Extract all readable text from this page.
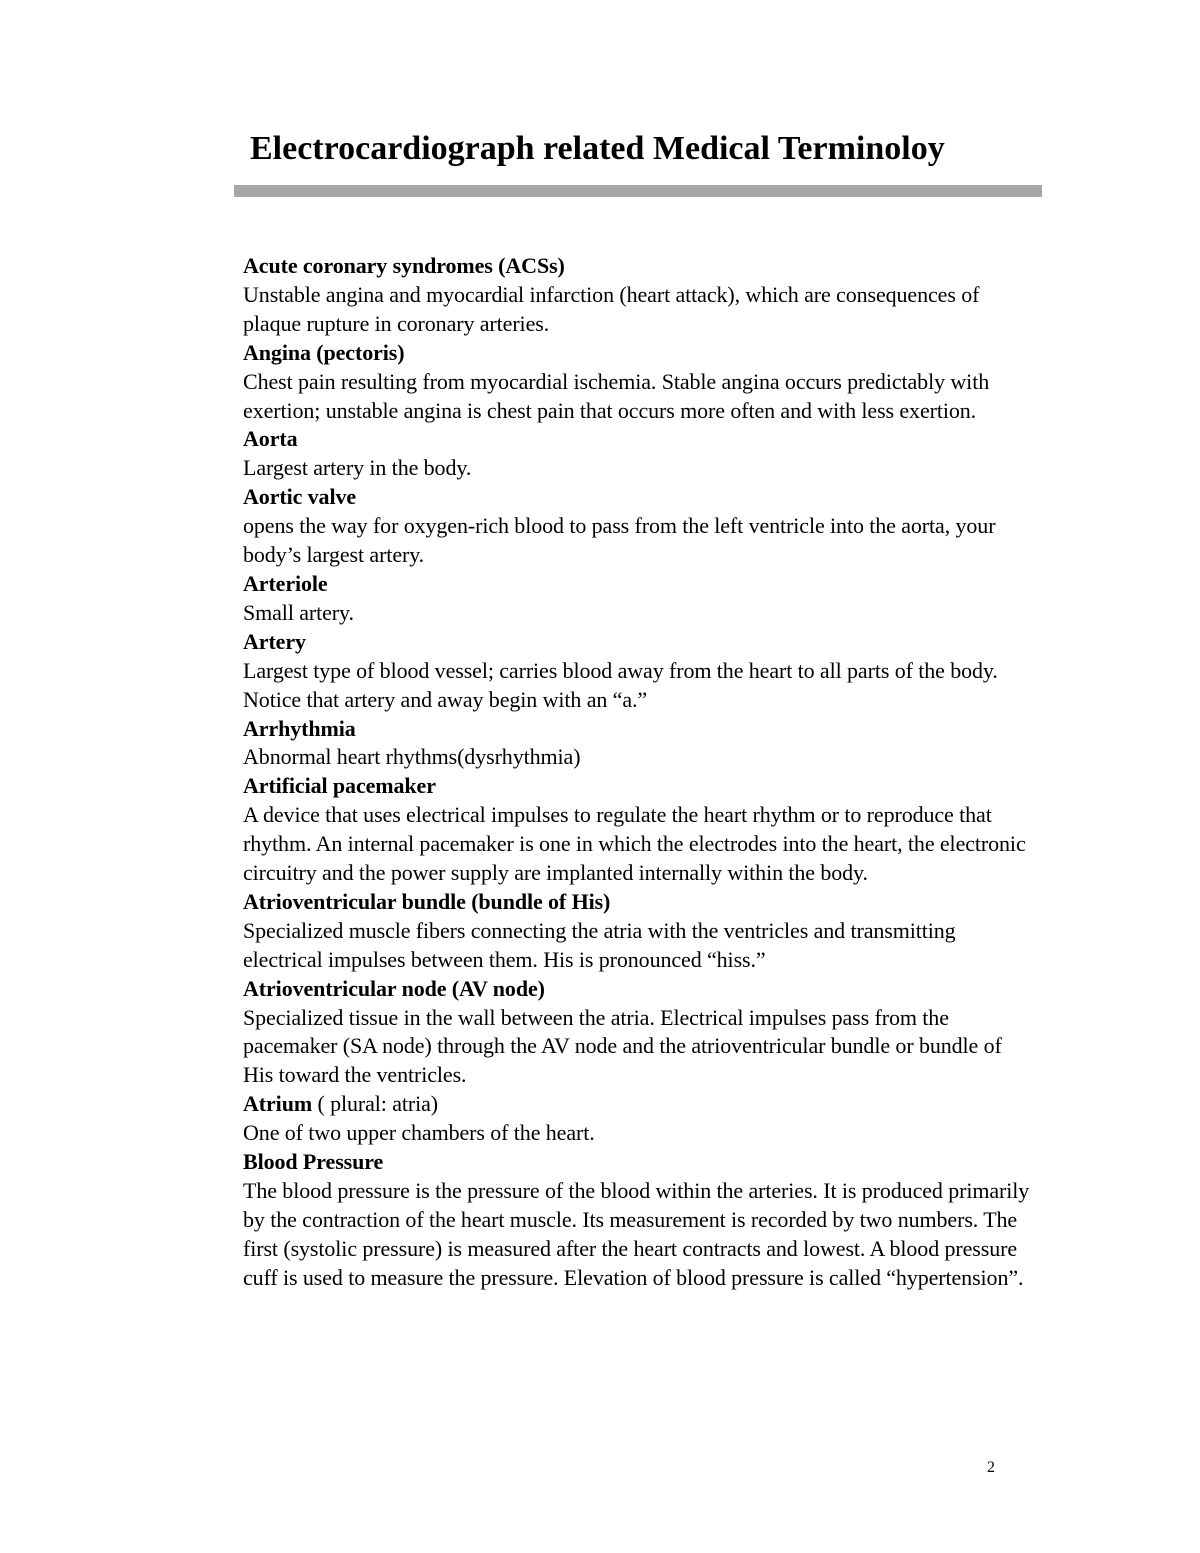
Electrocardiograph related Medical Terminoloy
Acute coronary syndromes (ACSs)
Unstable angina and myocardial infarction (heart attack), which are consequences of plaque rupture in coronary arteries.
Angina (pectoris)
Chest pain resulting from myocardial ischemia. Stable angina occurs predictably with exertion; unstable angina is chest pain that occurs more often and with less exertion.
Aorta
Largest artery in the body.
Aortic valve
opens the way for oxygen-rich blood to pass from the left ventricle into the aorta, your body’s largest artery.
Arteriole
Small artery.
Artery
Largest type of blood vessel; carries blood away from the heart to all parts of the body. Notice that artery and away begin with an “a.”
Arrhythmia
Abnormal heart rhythms(dysrhythmia)
Artificial pacemaker
A device that uses electrical impulses to regulate the heart rhythm or to reproduce that rhythm. An internal pacemaker is one in which the electrodes into the heart, the electronic circuitry and the power supply are implanted internally within the body.
Atrioventricular bundle (bundle of His)
Specialized muscle fibers connecting the atria with the ventricles and transmitting electrical impulses between them. His is pronounced “hiss.”
Atrioventricular node (AV node)
Specialized tissue in the wall between the atria. Electrical impulses pass from the pacemaker (SA node) through the AV node and the atrioventricular bundle or bundle of His toward the ventricles.
Atrium ( plural: atria)
One of two upper chambers of the heart.
Blood Pressure
The blood pressure is the pressure of the blood within the arteries. It is produced primarily by the contraction of the heart muscle. Its measurement is recorded by two numbers. The first (systolic pressure) is measured after the heart contracts and lowest. A blood pressure cuff is used to measure the pressure. Elevation of blood pressure is called “hypertension”.
2
